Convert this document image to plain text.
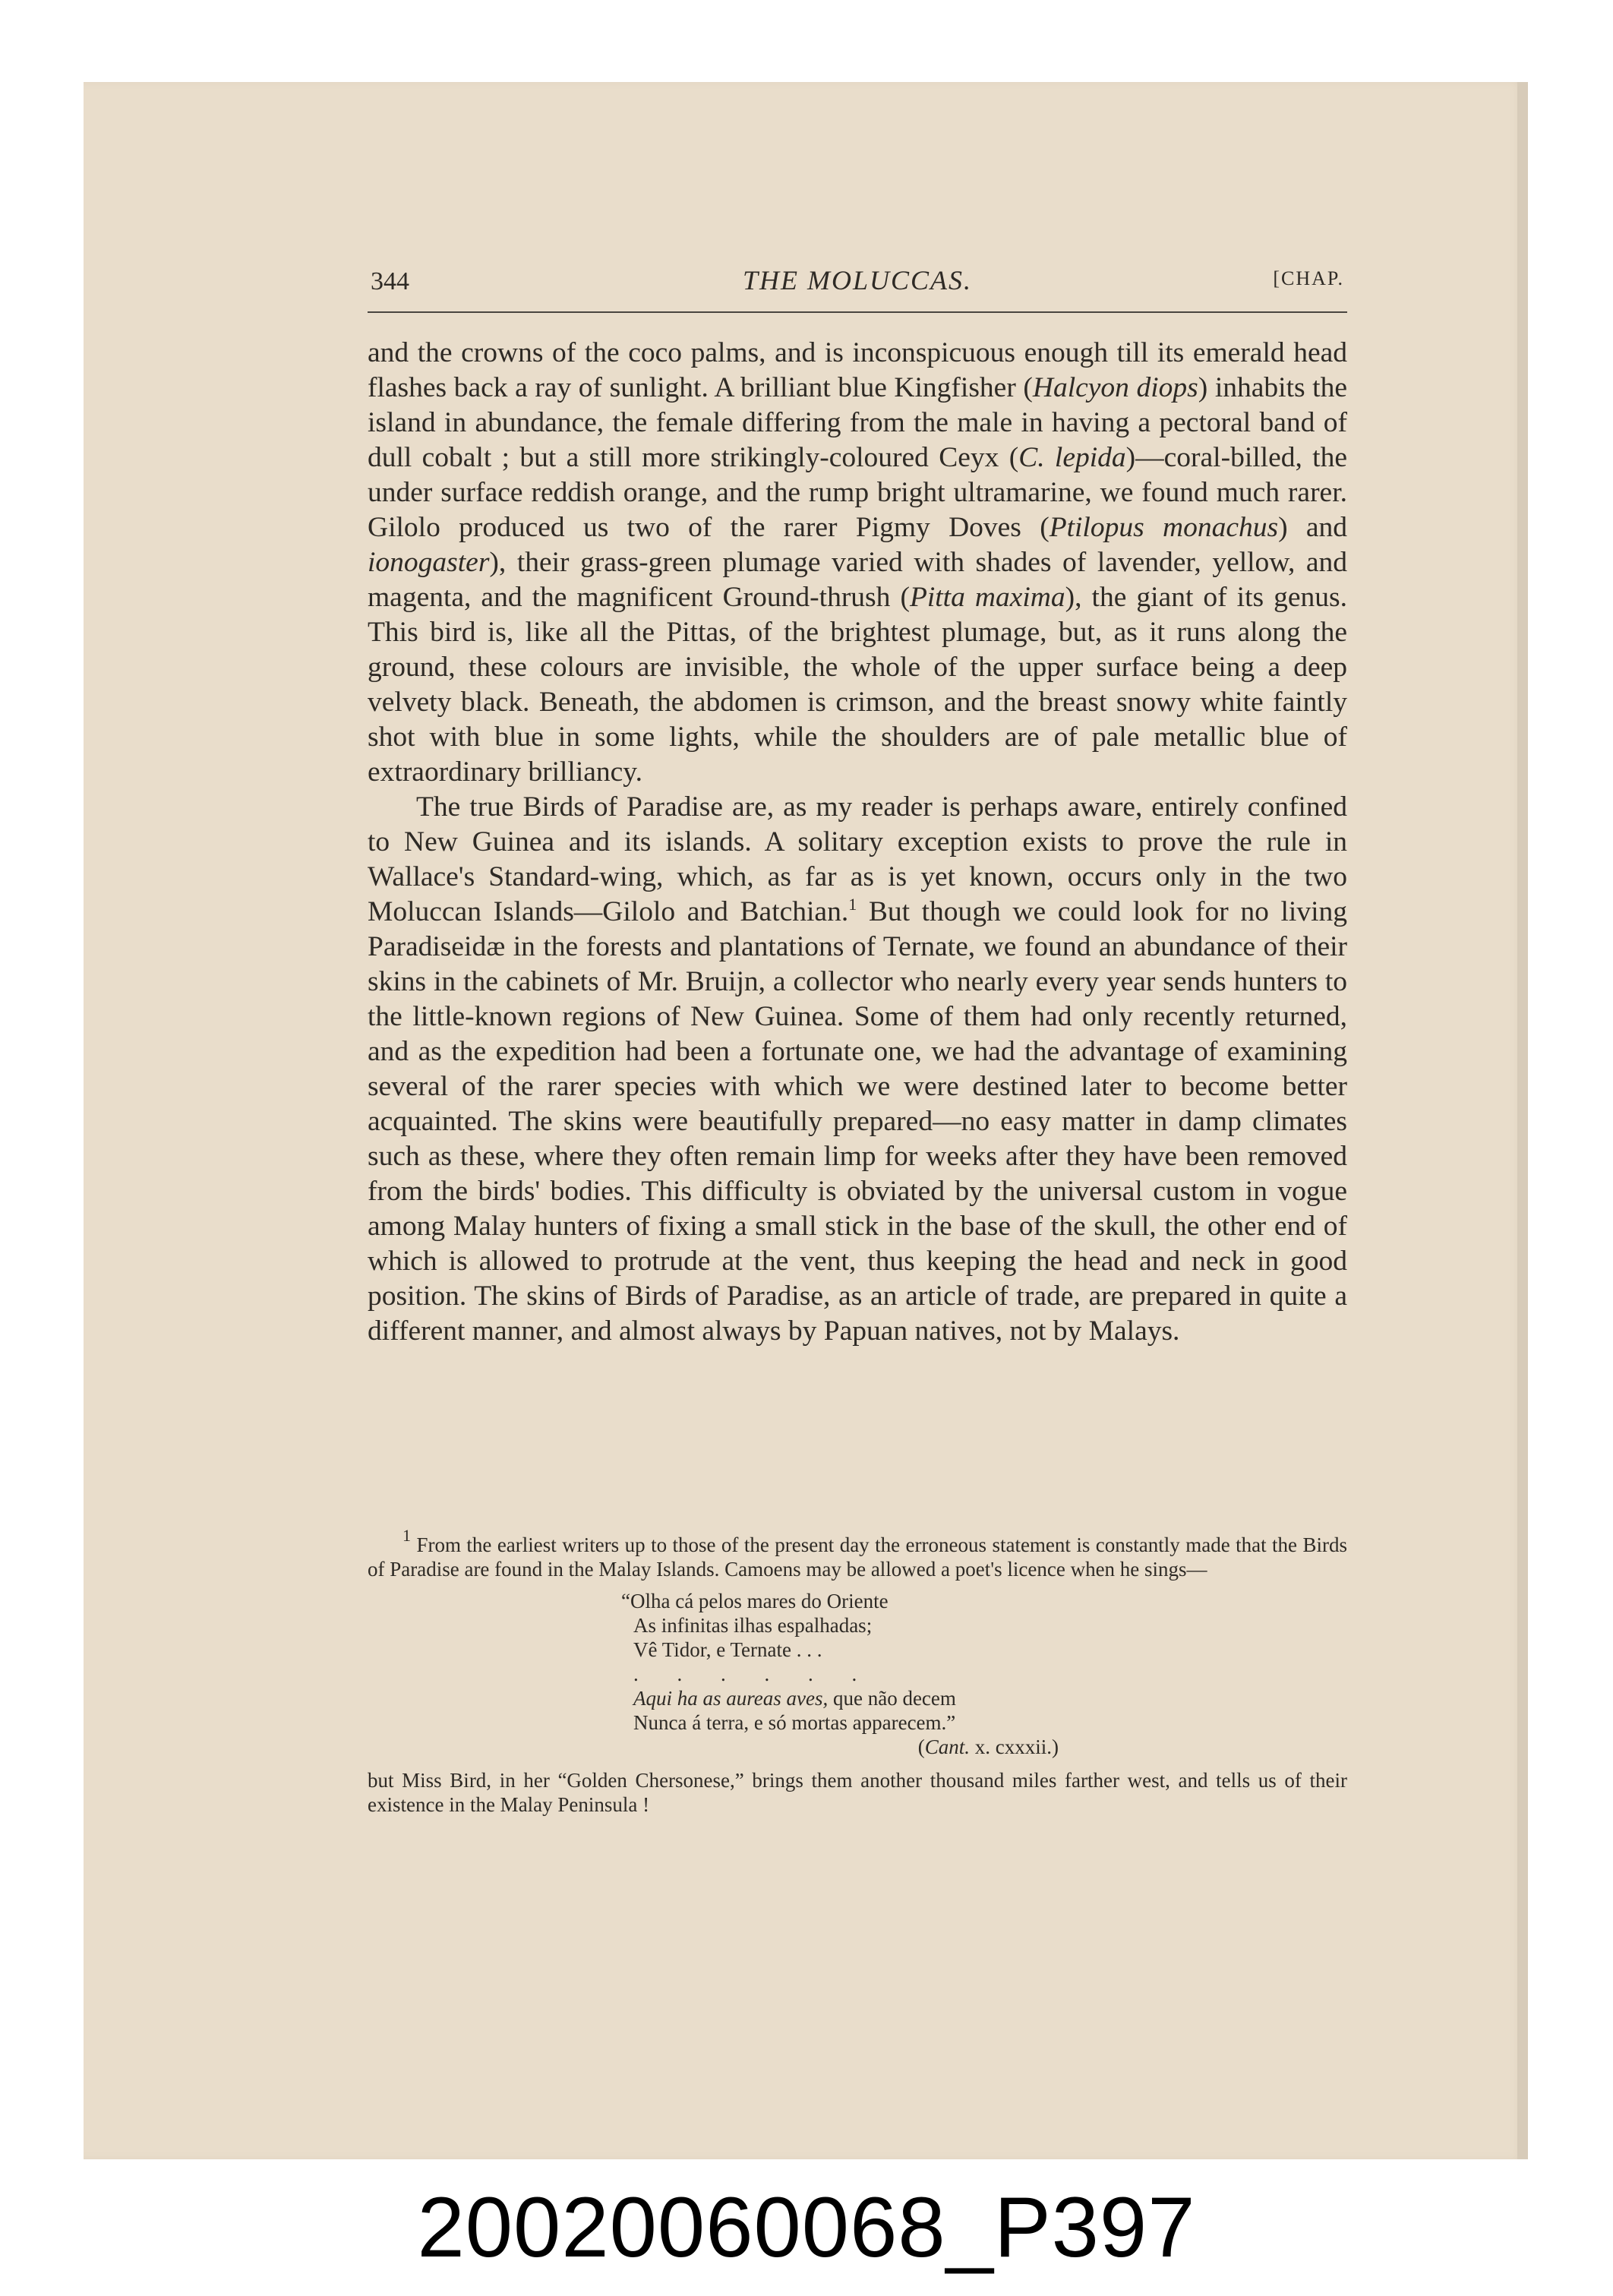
344	THE MOLUCCAS.	[CHAP.

and the crowns of the coco palms, and is inconspicuous enough till its emerald head flashes back a ray of sunlight. A brilliant blue Kingfisher (Halcyon diops) inhabits the island in abundance, the female differing from the male in having a pectoral band of dull cobalt ; but a still more strikingly-coloured Ceyx (C. lepida)—coral-billed, the under surface reddish orange, and the rump bright ultramarine, we found much rarer. Gilolo produced us two of the rarer Pigmy Doves (Ptilopus monachus) and ionogaster), their grass-green plumage varied with shades of lavender, yellow, and magenta, and the magnificent Ground-thrush (Pitta maxima), the giant of its genus. This bird is, like all the Pittas, of the brightest plumage, but, as it runs along the ground, these colours are invisible, the whole of the upper surface being a deep velvety black. Beneath, the abdomen is crimson, and the breast snowy white faintly shot with blue in some lights, while the shoulders are of pale metallic blue of extraordinary brilliancy.

The true Birds of Paradise are, as my reader is perhaps aware, entirely confined to New Guinea and its islands. A solitary exception exists to prove the rule in Wallace's Standard-wing, which, as far as is yet known, occurs only in the two Moluccan Islands—Gilolo and Batchian.$^1$ But though we could look for no living Paradiseidæ in the forests and plantations of Ternate, we found an abundance of their skins in the cabinets of Mr. Bruijn, a collector who nearly every year sends hunters to the little-known regions of New Guinea. Some of them had only recently returned, and as the expedition had been a fortunate one, we had the advantage of examining several of the rarer species with which we were destined later to become better acquainted. The skins were beautifully prepared—no easy matter in damp climates such as these, where they often remain limp for weeks after they have been removed from the birds' bodies. This difficulty is obviated by the universal custom in vogue among Malay hunters of fixing a small stick in the base of the skull, the other end of which is allowed to protrude at the vent, thus keeping the head and neck in good position. The skins of Birds of Paradise, as an article of trade, are prepared in quite a different manner, and almost always by Papuan natives, not by Malays.

$^1$ From the earliest writers up to those of the present day the erroneous statement is constantly made that the Birds of Paradise are found in the Malay Islands. Camoens may be allowed a poet's licence when he sings—

“Olha cá pelos mares do Oriente
As infinitas ilhas espalhadas;
Vê Tidor, e Ternate . . .
. . . . . .
Aqui ha as aureas aves, que não decem
Nunca á terra, e só mortas apparecem.”
(Cant. x. cxxxii.)

but Miss Bird, in her “Golden Chersonese,” brings them another thousand miles farther west, and tells us of their existence in the Malay Peninsula !

20020060068_P397
